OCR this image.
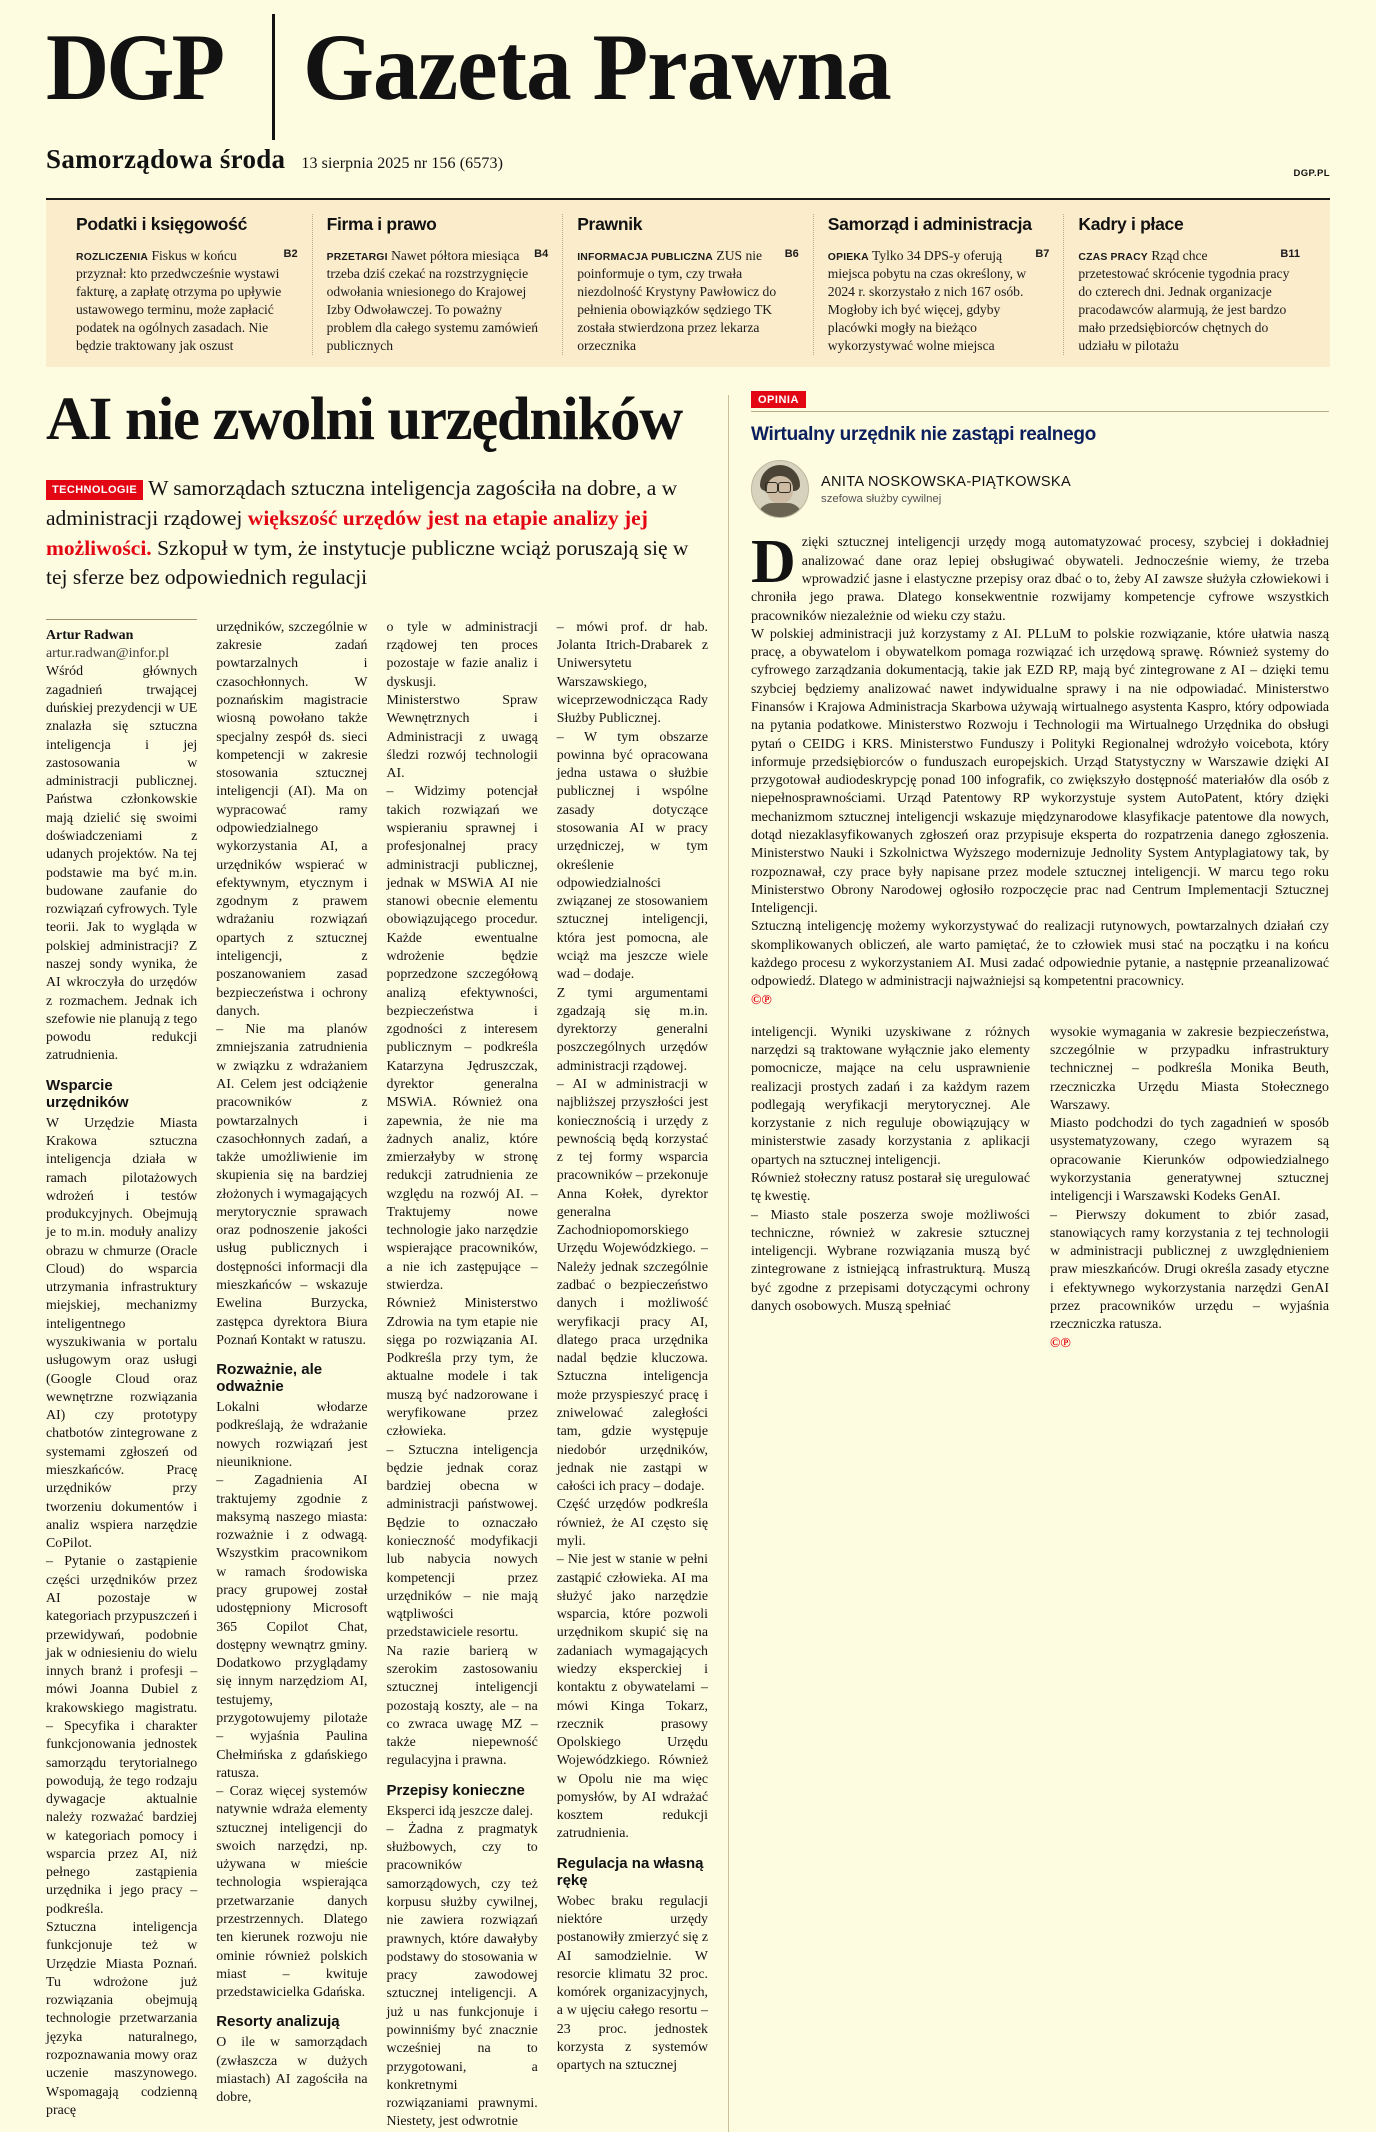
DGP Gazeta Prawna
Samorządowa środa 13 sierpnia 2025 nr 156 (6573)
DGP.PL
Podatki i księgowość

B2
ROZLICZENIA Fiskus w końcu przyznał: kto przedwcześnie wystawi fakturę, a zapłatę otrzyma po upływie ustawowego terminu, może zapłacić podatek na ogólnych zasadach. Nie będzie traktowany jak oszust

Firma i prawo

B4
PRZETARGI Nawet półtora miesiąca trzeba dziś czekać na rozstrzygnięcie odwołania wniesionego do Krajowej Izby Odwoławczej. To poważny problem dla całego systemu zamówień publicznych

Prawnik

B6
INFORMACJA PUBLICZNA ZUS nie poinformuje o tym, czy trwała niezdolność Krystyny Pawłowicz do pełnienia obowiązków sędziego TK została stwierdzona przez lekarza orzecznika

Samorząd i administracja

B7
OPIEKA Tylko 34 DPS-y oferują miejsca pobytu na czas określony, w 2024 r. skorzystało z nich 167 osób. Mogłoby ich być więcej, gdyby placówki mogły na bieżąco wykorzystywać wolne miejsca

Kadry i płace

B11
CZAS PRACY Rząd chce przetestować skrócenie tygodnia pracy do czterech dni. Jednak organizacje pracodawców alarmują, że jest bardzo mało przedsiębiorców chętnych do udziału w pilotażu

AI nie zwolni urzędników

TECHNOLOGIE W samorządach sztuczna inteligencja zagościła na dobre, a w administracji rządowej większość urzędów jest na etapie analizy jej możliwości. Szkopuł w tym, że instytucje publiczne wciąż poruszają się w tej sferze bez odpowiednich regulacji

Artur Radwan

artur.radwan@infor.pl

Wśród głównych zagadnień trwającej duńskiej prezydencji w UE znalazła się sztuczna inteligencja i jej zastosowania w administracji publicznej. Państwa członkowskie mają dzielić się swoimi doświadczeniami z udanych projektów. Na tej podstawie ma być m.in. budowane zaufanie do rozwiązań cyfrowych. Tyle teorii. Jak to wygląda w polskiej administracji? Z naszej sondy wynika, że AI wkroczyła do urzędów z rozmachem. Jednak ich szefowie nie planują z tego powodu redukcji zatrudnienia.

Wsparcie urzędników

W Urzędzie Miasta Krakowa sztuczna inteligencja działa w ramach pilotażowych wdrożeń i testów produkcyjnych. Obejmują je to m.in. moduły analizy obrazu w chmurze (Oracle Cloud) do wsparcia utrzymania infrastruktury miejskiej, mechanizmy inteligentnego wyszukiwania w portalu usługowym oraz usługi (Google Cloud oraz wewnętrzne rozwiązania AI) czy prototypy chatbotów zintegrowane z systemami zgłoszeń od mieszkańców. Pracę urzędników przy tworzeniu dokumentów i analiz wspiera narzędzie CoPilot.

– Pytanie o zastąpienie części urzędników przez AI pozostaje w kategoriach przypuszczeń i przewidywań, podobnie jak w odniesieniu do wielu innych branż i profesji – mówi Joanna Dubiel z krakowskiego magistratu. – Specyfika i charakter funkcjonowania jednostek samorządu terytorialnego powodują, że tego rodzaju dywagacje aktualnie należy rozważać bardziej w kategoriach pomocy i wsparcia przez AI, niż pełnego zastąpienia urzędnika i jego pracy – podkreśla.

Sztuczna inteligencja funkcjonuje też w Urzędzie Miasta Poznań. Tu wdrożone już rozwiązania obejmują technologie przetwarzania języka naturalnego, rozpoznawania mowy oraz uczenie maszynowego. Wspomagają codzienną pracę

urzędników, szczególnie w zakresie zadań powtarzalnych i czasochłonnych. W poznańskim magistracie wiosną powołano także specjalny zespół ds. sieci kompetencji w zakresie stosowania sztucznej inteligencji (AI). Ma on wypracować ramy odpowiedzialnego wykorzystania AI, a urzędników wspierać w efektywnym, etycznym i zgodnym z prawem wdrażaniu rozwiązań opartych z sztucznej inteligencji, z poszanowaniem zasad bezpieczeństwa i ochrony danych.

– Nie ma planów zmniejszania zatrudnienia w związku z wdrażaniem AI. Celem jest odciążenie pracowników z powtarzalnych i czasochłonnych zadań, a także umożliwienie im skupienia się na bardziej złożonych i wymagających merytorycznie sprawach oraz podnoszenie jakości usług publicznych i dostępności informacji dla mieszkańców – wskazuje Ewelina Burzycka, zastępca dyrektora Biura Poznań Kontakt w ratuszu.

Rozważnie, ale odważnie

Lokalni włodarze podkreślają, że wdrażanie nowych rozwiązań jest nieuniknione.

– Zagadnienia AI traktujemy zgodnie z maksymą naszego miasta: rozważnie i z odwagą. Wszystkim pracownikom w ramach środowiska pracy grupowej został udostępniony Microsoft 365 Copilot Chat, dostępny wewnątrz gminy. Dodatkowo przyglądamy się innym narzędziom AI, testujemy, przygotowujemy pilotaże – wyjaśnia Paulina Chełmińska z gdańskiego ratusza.

– Coraz więcej systemów natywnie wdraża elementy sztucznej inteligencji do swoich narzędzi, np. używana w mieście technologia wspierająca przetwarzanie danych przestrzennych. Dlatego ten kierunek rozwoju nie ominie również polskich miast – kwituje przedstawicielka Gdańska.

Resorty analizują

O ile w samorządach (zwłaszcza w dużych miastach) AI zagościła na dobre,

o tyle w administracji rządowej ten proces pozostaje w fazie analiz i dyskusji.

Ministerstwo Spraw Wewnętrznych i Administracji z uwagą śledzi rozwój technologii AI.

– Widzimy potencjał takich rozwiązań we wspieraniu sprawnej i profesjonalnej pracy administracji publicznej, jednak w MSWiA AI nie stanowi obecnie elementu obowiązującego procedur. Każde ewentualne wdrożenie będzie poprzedzone szczegółową analizą efektywności, bezpieczeństwa i zgodności z interesem publicznym – podkreśla Katarzyna Jędruszczak, dyrektor generalna MSWiA. Również ona zapewnia, że nie ma żadnych analiz, które zmierzałyby w stronę redukcji zatrudnienia ze względu na rozwój AI. – Traktujemy nowe technologie jako narzędzie wspierające pracowników, a nie ich zastępujące – stwierdza.

Również Ministerstwo Zdrowia na tym etapie nie sięga po rozwiązania AI. Podkreśla przy tym, że aktualne modele i tak muszą być nadzorowane i weryfikowane przez człowieka.

– Sztuczna inteligencja będzie jednak coraz bardziej obecna w administracji państwowej. Będzie to oznaczało konieczność modyfikacji lub nabycia nowych kompetencji przez urzędników – nie mają wątpliwości przedstawiciele resortu.

Na razie barierą w szerokim zastosowaniu sztucznej inteligencji pozostają koszty, ale – na co zwraca uwagę MZ – także niepewność regulacyjna i prawna.

Przepisy konieczne

Eksperci idą jeszcze dalej.

– Żadna z pragmatyk służbowych, czy to pracowników samorządowych, czy też korpusu służby cywilnej, nie zawiera rozwiązań prawnych, które dawałyby podstawy do stosowania w pracy zawodowej sztucznej inteligencji. A już u nas funkcjonuje i powinniśmy być znacznie wcześniej na to przygotowani, a konkretnymi rozwiązaniami prawnymi. Niestety, jest odwrotnie

– mówi prof. dr hab. Jolanta Itrich-Drabarek z Uniwersytetu Warszawskiego, wiceprzewodnicząca Rady Służby Publicznej.

– W tym obszarze powinna być opracowana jedna ustawa o służbie publicznej i wspólne zasady dotyczące stosowania AI w pracy urzędniczej, w tym określenie odpowiedzialności związanej ze stosowaniem sztucznej inteligencji, która jest pomocna, ale wciąż ma jeszcze wiele wad – dodaje.

Z tymi argumentami zgadzają się m.in. dyrektorzy generalni poszczególnych urzędów administracji rządowej.

– AI w administracji w najbliższej przyszłości jest koniecznością i urzędy z pewnością będą korzystać z tej formy wsparcia pracowników – przekonuje Anna Kołek, dyrektor generalna Zachodniopomorskiego Urzędu Wojewódzkiego. – Należy jednak szczególnie zadbać o bezpieczeństwo danych i możliwość weryfikacji pracy AI, dlatego praca urzędnika nadal będzie kluczowa. Sztuczna inteligencja może przyspieszyć pracę i zniwelować zaległości tam, gdzie występuje niedobór urzędników, jednak nie zastąpi w całości ich pracy – dodaje.

Część urzędów podkreśla również, że AI często się myli.

– Nie jest w stanie w pełni zastąpić człowieka. AI ma służyć jako narzędzie wsparcia, które pozwoli urzędnikom skupić się na zadaniach wymagających wiedzy eksperckiej i kontaktu z obywatelami – mówi Kinga Tokarz, rzecznik prasowy Opolskiego Urzędu Wojewódzkiego. Również w Opolu nie ma więc pomysłów, by AI wdrażać kosztem redukcji zatrudnienia.

Regulacja na własną rękę

Wobec braku regulacji niektóre urzędy postanowiły zmierzyć się z AI samodzielnie. W resorcie klimatu 32 proc. komórek organizacyjnych, a w ujęciu całego resortu – 23 proc. jednostek korzysta z systemów opartych na sztucznej

OPINIA
Wirtualny urzędnik nie zastąpi realnego

ANITA NOSKOWSKA-PIĄTKOWSKA

szefowa służby cywilnej

Dzięki sztucznej inteligencji urzędy mogą automatyzować procesy, szybciej i dokładniej analizować dane oraz lepiej obsługiwać obywateli. Jednocześnie wiemy, że trzeba wprowadzić jasne i elastyczne przepisy oraz dbać o to, żeby AI zawsze służyła człowiekowi i chroniła jego prawa. Dlatego konsekwentnie rozwijamy kompetencje cyfrowe wszystkich pracowników niezależnie od wieku czy stażu.

W polskiej administracji już korzystamy z AI. PLLuM to polskie rozwiązanie, które ułatwia naszą pracę, a obywatelom i obywatelkom pomaga rozwiązać ich urzędową sprawę. Również systemy do cyfrowego zarządzania dokumentacją, takie jak EZD RP, mają być zintegrowane z AI – dzięki temu szybciej będziemy analizować nawet indywidualne sprawy i na nie odpowiadać. Ministerstwo Finansów i Krajowa Administracja Skarbowa używają wirtualnego asystenta Kaspro, który odpowiada na pytania podatkowe. Ministerstwo Rozwoju i Technologii ma Wirtualnego Urzędnika do obsługi pytań o CEIDG i KRS. Ministerstwo Funduszy i Polityki Regionalnej wdrożyło voicebota, który informuje przedsiębiorców o funduszach europejskich. Urząd Statystyczny w Warszawie dzięki AI przygotował audiodeskrypcję ponad 100 infografik, co zwiększyło dostępność materiałów dla osób z niepełnosprawnościami. Urząd Patentowy RP wykorzystuje system AutoPatent, który dzięki mechanizmom sztucznej inteligencji wskazuje międzynarodowe klasyfikacje patentowe dla nowych, dotąd niezaklasyfikowanych zgłoszeń oraz przypisuje eksperta do rozpatrzenia danego zgłoszenia. Ministerstwo Nauki i Szkolnictwa Wyższego modernizuje Jednolity System Antyplagiatowy tak, by rozpoznawał, czy prace były napisane przez modele sztucznej inteligencji. W marcu tego roku Ministerstwo Obrony Narodowej ogłosiło rozpoczęcie prac nad Centrum Implementacji Sztucznej Inteligencji.

Sztuczną inteligencję możemy wykorzystywać do realizacji rutynowych, powtarzalnych działań czy skomplikowanych obliczeń, ale warto pamiętać, że to człowiek musi stać na początku i na końcu każdego procesu z wykorzystaniem AI. Musi zadać odpowiednie pytanie, a następnie przeanalizować odpowiedź. Dlatego w administracji najważniejsi są kompetentni pracownicy.

©℗

inteligencji. Wyniki uzyskiwane z różnych narzędzi są traktowane wyłącznie jako elementy pomocnicze, mające na celu usprawnienie realizacji prostych zadań i za każdym razem podlegają weryfikacji merytorycznej. Ale korzystanie z nich reguluje obowiązujący w ministerstwie zasady korzystania z aplikacji opartych na sztucznej inteligencji.

Również stołeczny ratusz postarał się uregulować tę kwestię.

– Miasto stale poszerza swoje możliwości techniczne, również w zakresie sztucznej inteligencji. Wybrane rozwiązania muszą być zintegrowane z istniejącą infrastrukturą. Muszą być zgodne z przepisami dotyczącymi ochrony danych osobowych. Muszą spełniać

wysokie wymagania w zakresie bezpieczeństwa, szczególnie w przypadku infrastruktury technicznej – podkreśla Monika Beuth, rzeczniczka Urzędu Miasta Stołecznego Warszawy.

Miasto podchodzi do tych zagadnień w sposób usystematyzowany, czego wyrazem są opracowanie Kierunków odpowiedzialnego wykorzystania generatywnej sztucznej inteligencji i Warszawski Kodeks GenAI.

– Pierwszy dokument to zbiór zasad, stanowiących ramy korzystania z tej technologii w administracji publicznej z uwzględnieniem praw mieszkańców. Drugi określa zasady etyczne i efektywnego wykorzystania narzędzi GenAI przez pracowników urzędu – wyjaśnia rzeczniczka ratusza.

©℗
